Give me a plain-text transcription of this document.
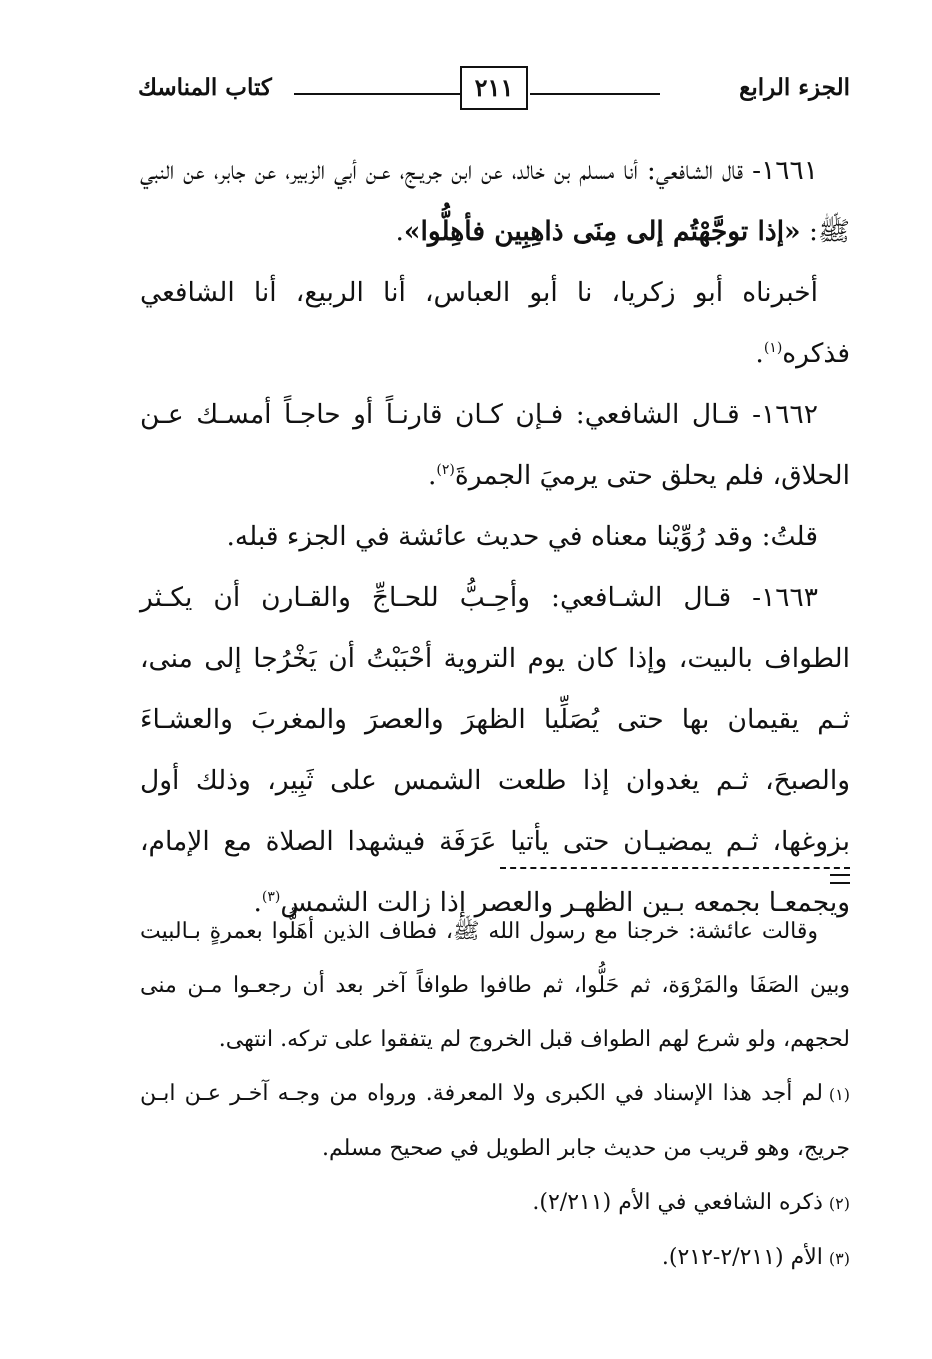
الجزء الرابع
٢١١
كتاب المناسك

١٦٦١- قال الشافعي: أنا مسلم بن خالد، عن ابن جريـج، عـن أبي الزبير، عن جابر، عن النبي ﷺ: «إذا توجَّهْتُم إلى مِنَى ذاهِبِين فأهِلُّوا».

أخبرناه أبو زكريا، نا أبو العباس، أنا الربيع، أنا الشافعي فذكره$^{(١)}$.

١٦٦٢- قـال الشافعي: فـإن كـان قارنـاً أو حاجـاً أمسـك عـن الحلاق، فلم يحلق حتى يرميَ الجمرةَ$^{(٢)}$.

قلتُ: وقد رُوِّيْنا معناه في حديث عائشة في الجزء قبله.

١٦٦٣- قـال الشـافعي: وأحِـبُّ للحـاجِّ والقـارن أن يكـثر الطواف بالبيت، وإذا كان يوم التروية أحْبَبْتُ أن يَخْرُجا إلى منى، ثـم يقيمان بها حتى يُصَلِّيا الظهرَ والعصرَ والمغربَ والعشـاءَ والصبحَ، ثـم يغدوان إذا طلعت الشمس على ثَبِير، وذلك أول بزوغها، ثـم يمضيـان حتى يأتيا عَرَفَة فيشهدا الصلاة مع الإمام، ويجمعـا بجمعه بـين الظهـر والعصر إذا زالت الشمس$^{(٣)}$.

وقالت عائشة: خرجنا مع رسول الله ﷺ، فطاف الذين أهَلُّوا بعمرةٍ بـالبيت وبين الصَفَا والمَرْوَة، ثم حَلُّوا، ثم طافوا طوافاً آخر بعد أن رجعـوا مـن منى لحجهم، ولو شرع لهم الطواف قبل الخروج لم يتفقوا على تركه. انتهى.

(١)لم أجد هذا الإسناد في الكبرى ولا المعرفة. ورواه من وجـه آخـر عـن ابـن جريج، وهو قريب من حديث جابر الطويل في صحيح مسلم.

(٢)ذكره الشافعي في الأم (٢/٢١١).

(٣)الأم (٢/٢١١-٢١٢).
